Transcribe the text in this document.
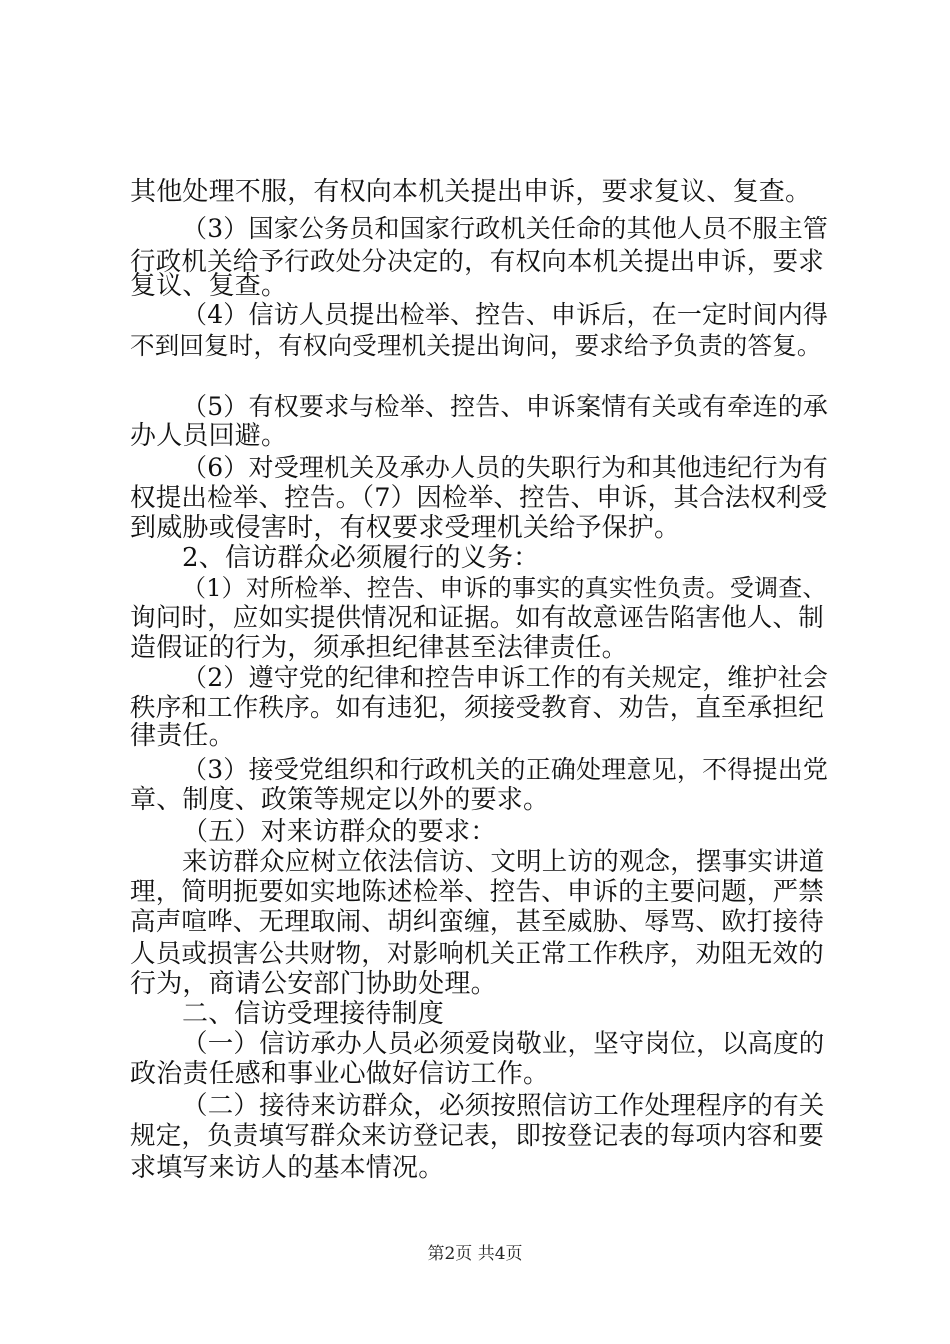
其他处理不服，有权向本机关提出申诉，要求复议、复查。
（3）国家公务员和国家行政机关任命的其他人员不服主管
行政机关给予行政处分决定的，有权向本机关提出申诉，要求
复议、复查。
（4）信访人员提出检举、控告、申诉后，在一定时间内得
不到回复时，有权向受理机关提出询问，要求给予负责的答复。
（5）有权要求与检举、控告、申诉案情有关或有牵连的承
办人员回避。
（6）对受理机关及承办人员的失职行为和其他违纪行为有
权提出检举、控告。（7）因检举、控告、申诉，其合法权利受
到威胁或侵害时，有权要求受理机关给予保护。
2、信访群众必须履行的义务：
（1）对所检举、控告、申诉的事实的真实性负责。受调查、
询问时，应如实提供情况和证据。如有故意诬告陷害他人、制
造假证的行为，须承担纪律甚至法律责任。
（2）遵守党的纪律和控告申诉工作的有关规定，维护社会
秩序和工作秩序。如有违犯，须接受教育、劝告，直至承担纪
律责任。
（3）接受党组织和行政机关的正确处理意见，不得提出党
章、制度、政策等规定以外的要求。
（五）对来访群众的要求：
来访群众应树立依法信访、文明上访的观念，摆事实讲道
理，简明扼要如实地陈述检举、控告、申诉的主要问题，严禁
高声喧哗、无理取闹、胡纠蛮缠，甚至威胁、辱骂、欧打接待
人员或损害公共财物，对影响机关正常工作秩序，劝阻无效的
行为，商请公安部门协助处理。
二、信访受理接待制度
（一）信访承办人员必须爱岗敬业，坚守岗位，以高度的
政治责任感和事业心做好信访工作。
（二）接待来访群众，必须按照信访工作处理程序的有关
规定，负责填写群众来访登记表，即按登记表的每项内容和要
求填写来访人的基本情况。
第2页 共4页
